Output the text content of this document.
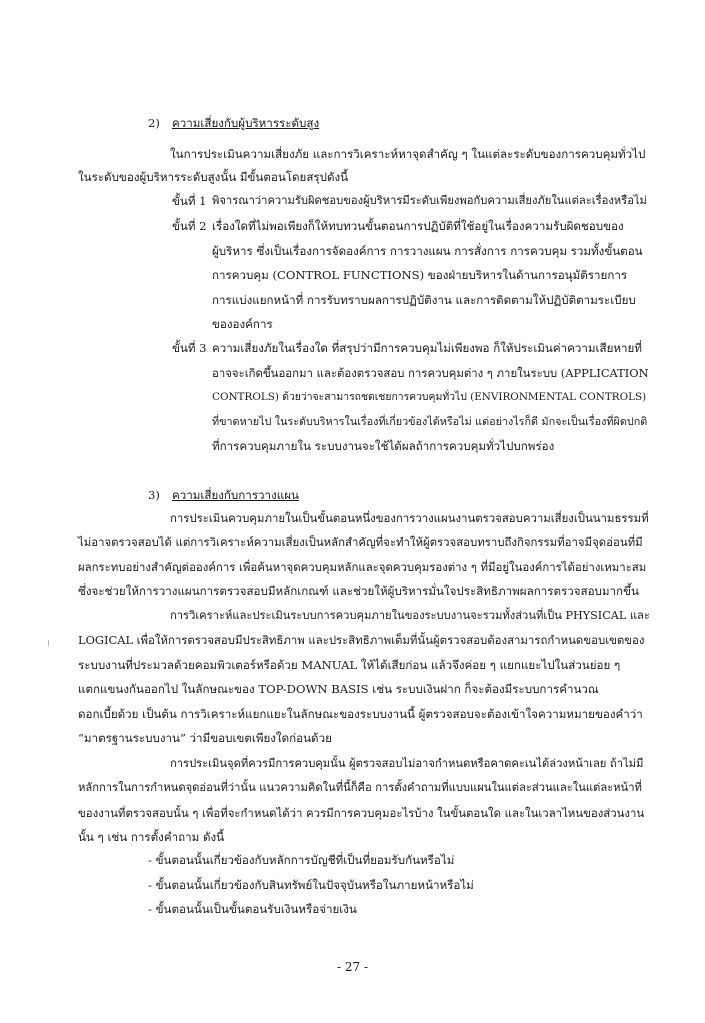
2) ความเสี่ยงกับผู้บริหารระดับสูง
ในการประเมินความเสี่ยงภัย และการวิเคราะห์หาจุดสำคัญ ๆ ในแต่ละระดับของการควบคุมทั่วไป
ในระดับของผู้บริหารระดับสูงนั้น มีขั้นตอนโดยสรุปดังนี้
ขั้นที่ 1 พิจารณาว่าความรับผิดชอบของผู้บริหารมีระดับเพียงพอกับความเสี่ยงภัยในแต่ละเรื่องหรือไม่
ขั้นที่ 2 เรื่องใดที่ไม่พอเพียงก็ให้ทบทวนขั้นตอนการปฏิบัติที่ใช้อยู่ในเรื่องความรับผิดชอบของ
ผู้บริหาร ซึ่งเป็นเรื่องการจัดองค์การ การวางแผน การสั่งการ การควบคุม รวมทั้งขั้นตอน
การควบคุม (CONTROL FUNCTIONS) ของฝ่ายบริหารในด้านการอนุมัติรายการ
การแบ่งแยกหน้าที่ การรับทราบผลการปฏิบัติงาน และการติดตามให้ปฏิบัติตามระเบียบ
ขององค์การ
ขั้นที่ 3 ความเสี่ยงภัยในเรื่องใด ที่สรุปว่ามีการควบคุมไม่เพียงพอ ก็ให้ประเมินค่าความเสียหายที่
อาจจะเกิดขึ้นออกมา และต้องตรวจสอบ การควบคุมต่าง ๆ ภายในระบบ (APPLICATION
CONTROLS) ด้วยว่าจะสามารถชดเชยการควบคุมทั่วไป (ENVIRONMENTAL CONTROLS)
ที่ขาดหายไป ในระดับบริหารในเรื่องที่เกี่ยวข้องได้หรือไม่ แต่อย่างไรก็ดี มักจะเป็นเรื่องที่ผิดปกติ
ที่การควบคุมภายใน ระบบงานจะใช้ได้ผลถ้าการควบคุมทั่วไปบกพร่อง
3) ความเสี่ยงกับการวางแผน
การประเมินควบคุมภายในเป็นขั้นตอนหนึ่งของการวางแผนงานตรวจสอบความเสี่ยงเป็นนามธรรมที่
ไม่อาจตรวจสอบได้ แต่การวิเคราะห์ความเสี่ยงเป็นหลักสำคัญที่จะทำให้ผู้ตรวจสอบทราบถึงกิจกรรมที่อาจมีจุดอ่อนที่มี
ผลกระทบอย่างสำคัญต่อองค์การ เพื่อค้นหาจุดควบคุมหลักและจุดควบคุมรองต่าง ๆ ที่มีอยู่ในองค์การได้อย่างเหมาะสม
ซึ่งจะช่วยให้การวางแผนการตรวจสอบมีหลักเกณฑ์ และช่วยให้ผู้บริหารมั่นใจประสิทธิภาพผลการตรวจสอบมากขึ้น
การวิเคราะห์และประเมินระบบการควบคุมภายในของระบบงานจะรวมทั้งส่วนที่เป็น PHYSICAL และ
LOGICAL เพื่อให้การตรวจสอบมีประสิทธิภาพ และประสิทธิภาพเต็มที่นั้นผู้ตรวจสอบต้องสามารถกำหนดขอบเขตของ
ระบบงานที่ประมวลด้วยคอมพิวเตอร์หรือด้วย MANUAL ให้ได้เสียก่อน แล้วจึงค่อย ๆ แยกแยะไปในส่วนย่อย ๆ
แตกแขนงกันออกไป ในลักษณะของ TOP-DOWN BASIS เช่น ระบบเงินฝาก ก็จะต้องมีระบบการคำนวณ
ดอกเบี้ยด้วย เป็นต้น การวิเคราะห์แยกแยะในลักษณะของระบบงานนี้ ผู้ตรวจสอบจะต้องเข้าใจความหมายของคำว่า
“มาตรฐานระบบงาน” ว่ามีขอบเขตเพียงใดก่อนด้วย
การประเมินจุดที่ควรมีการควบคุมนั้น ผู้ตรวจสอบไม่อาจกำหนดหรือคาดคะเนได้ล่วงหน้าเลย ถ้าไม่มี
หลักการในการกำหนดจุดอ่อนที่ว่านั้น แนวความคิดในที่นี้ก็คือ การตั้งคำถามที่แบบแผนในแต่ละส่วนและในแต่ละหน้าที่
ของงานที่ตรวจสอบนั้น ๆ เพื่อที่จะกำหนดได้ว่า ควรมีการควบคุมอะไรบ้าง ในขั้นตอนใด และในเวลาไหนของส่วนงาน
นั้น ๆ เช่น การตั้งคำถาม ดังนี้
- ขั้นตอนนั้นเกี่ยวข้องกับหลักการบัญชีที่เป็นที่ยอมรับกันหรือไม่
- ขั้นตอนนั้นเกี่ยวข้องกับสินทรัพย์ในปัจจุบันหรือในภายหน้าหรือไม่
- ขั้นตอนนั้นเป็นขั้นตอนรับเงินหรือจ่ายเงิน
- 27 -
